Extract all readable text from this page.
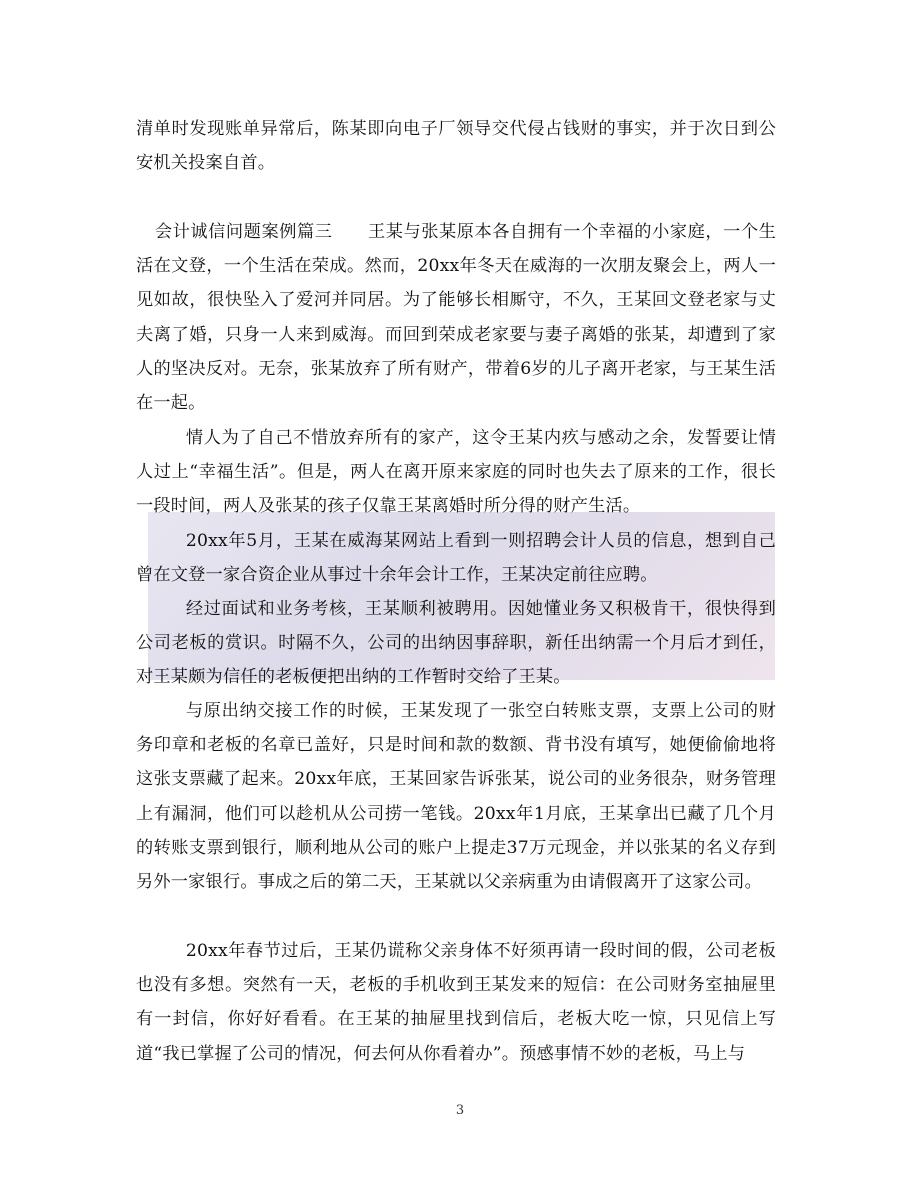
清单时发现账单异常后，陈某即向电子厂领导交代侵占钱财的事实，并于次日到公安机关投案自首。

会计诚信问题案例篇三　　王某与张某原本各自拥有一个幸福的小家庭，一个生活在文登，一个生活在荣成。然而，20xx年冬天在威海的一次朋友聚会上，两人一见如故，很快坠入了爱河并同居。为了能够长相厮守，不久，王某回文登老家与丈夫离了婚，只身一人来到威海。而回到荣成老家要与妻子离婚的张某，却遭到了家人的坚决反对。无奈，张某放弃了所有财产，带着6岁的儿子离开老家，与王某生活在一起。

情人为了自己不惜放弃所有的家产，这令王某内疚与感动之余，发誓要让情人过上“幸福生活”。但是，两人在离开原来家庭的同时也失去了原来的工作，很长一段时间，两人及张某的孩子仅靠王某离婚时所分得的财产生活。

20xx年5月，王某在威海某网站上看到一则招聘会计人员的信息，想到自己曾在文登一家合资企业从事过十余年会计工作，王某决定前往应聘。

经过面试和业务考核，王某顺利被聘用。因她懂业务又积极肯干，很快得到公司老板的赏识。时隔不久，公司的出纳因事辞职，新任出纳需一个月后才到任，对王某颇为信任的老板便把出纳的工作暂时交给了王某。

与原出纳交接工作的时候，王某发现了一张空白转账支票，支票上公司的财务印章和老板的名章已盖好，只是时间和款的数额、背书没有填写，她便偷偷地将这张支票藏了起来。20xx年底，王某回家告诉张某，说公司的业务很杂，财务管理上有漏洞，他们可以趁机从公司捞一笔钱。20xx年1月底，王某拿出已藏了几个月的转账支票到银行，顺利地从公司的账户上提走37万元现金，并以张某的名义存到另外一家银行。事成之后的第二天，王某就以父亲病重为由请假离开了这家公司。

20xx年春节过后，王某仍谎称父亲身体不好须再请一段时间的假，公司老板也没有多想。突然有一天，老板的手机收到王某发来的短信：在公司财务室抽屉里有一封信，你好好看看。在王某的抽屉里找到信后，老板大吃一惊，只见信上写道“我已掌握了公司的情况，何去何从你看着办”。预感事情不妙的老板，马上与

3
